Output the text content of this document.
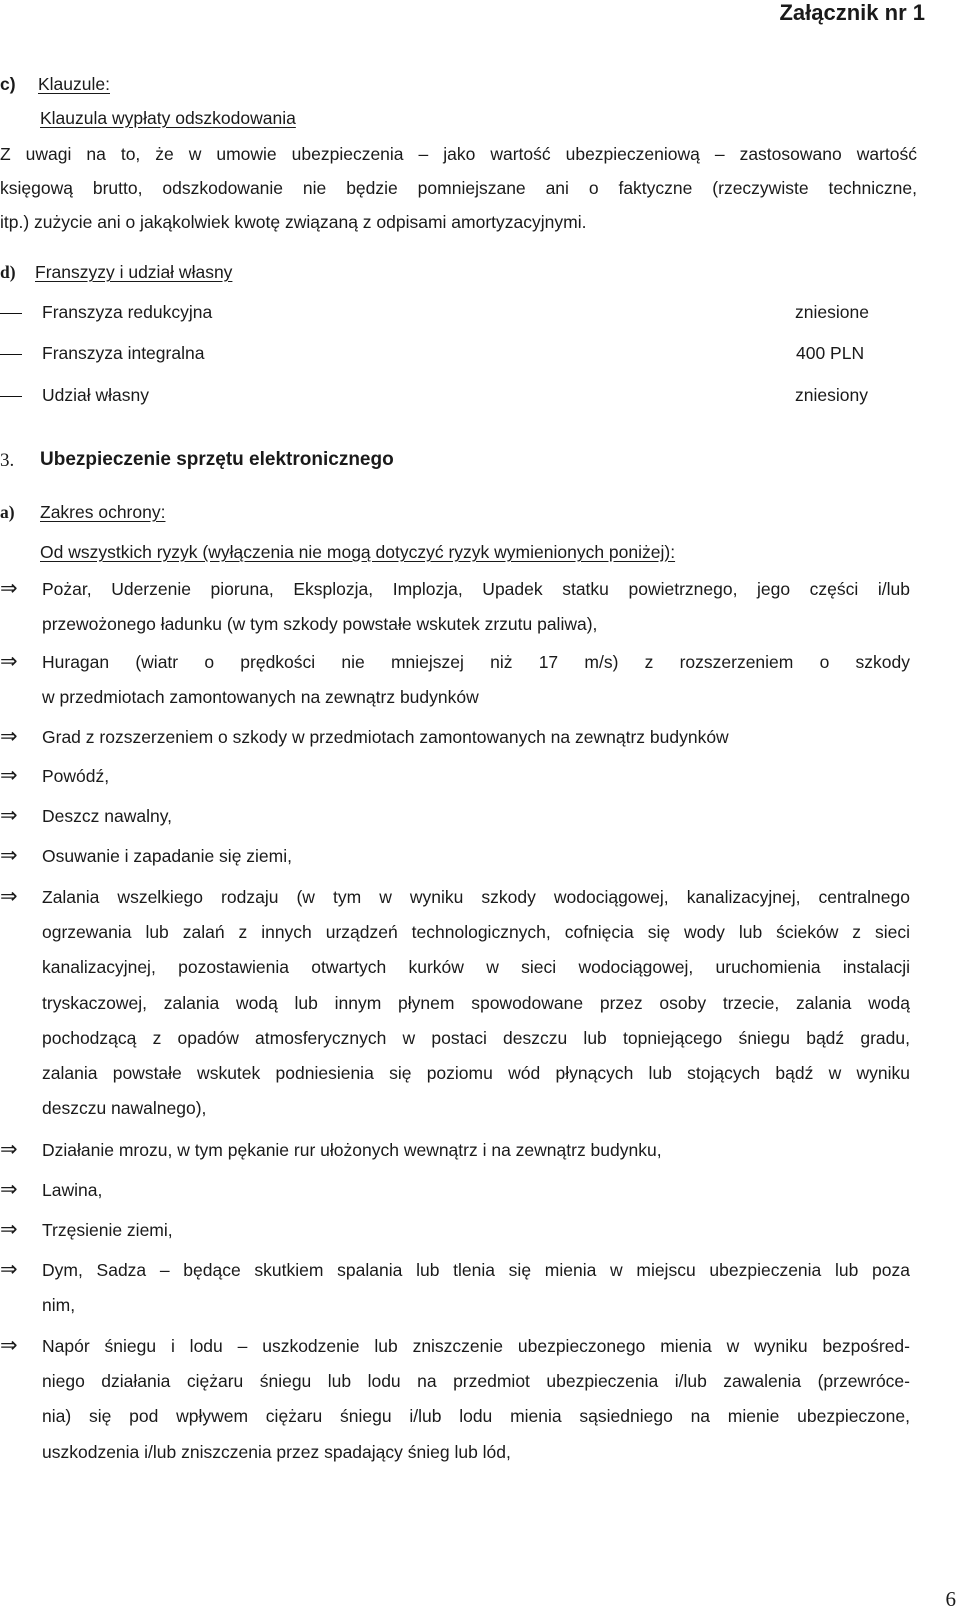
Załącznik nr 1
c) Klauzule:
Klauzula wypłaty odszkodowania
Z uwagi na to, że w umowie ubezpieczenia – jako wartość ubezpieczeniową – zastosowano wartość
księgową brutto, odszkodowanie nie będzie pomniejszane ani o faktyczne (rzeczywiste techniczne,
itp.) zużycie ani o jakąkolwiek kwotę związaną z odpisami amortyzacyjnymi.
d) Franszyzy i udział własny
Franszyza redukcyjna	zniesione
Franszyza integralna	400 PLN
Udział własny	zniesiony
3. Ubezpieczenie sprzętu elektronicznego
a) Zakres ochrony:
Od wszystkich ryzyk (wyłączenia nie mogą dotyczyć ryzyk wymienionych poniżej):
⇒ Pożar, Uderzenie pioruna, Eksplozja, Implozja, Upadek statku powietrznego, jego części i/lub
przewożonego ładunku (w tym szkody powstałe wskutek zrzutu paliwa),
⇒ Huragan (wiatr o prędkości nie mniejszej niż 17 m/s) z rozszerzeniem o szkody
w przedmiotach zamontowanych na zewnątrz budynków
⇒ Grad z rozszerzeniem o szkody w przedmiotach zamontowanych na zewnątrz budynków
⇒ Powódź,
⇒ Deszcz nawalny,
⇒ Osuwanie i zapadanie się ziemi,
⇒ Zalania wszelkiego rodzaju (w tym w wyniku szkody wodociągowej, kanalizacyjnej, centralnego
ogrzewania lub zalań z innych urządzeń technologicznych, cofnięcia się wody lub ścieków z sieci
kanalizacyjnej, pozostawienia otwartych kurków w sieci wodociągowej, uruchomienia instalacji
tryskaczowej, zalania wodą lub innym płynem spowodowane przez osoby trzecie, zalania wodą
pochodzącą z opadów atmosferycznych w postaci deszczu lub topniejącego śniegu bądź gradu,
zalania powstałe wskutek podniesienia się poziomu wód płynących lub stojących bądź w wyniku
deszczu nawalnego),
⇒ Działanie mrozu, w tym pękanie rur ułożonych wewnątrz i na zewnątrz budynku,
⇒ Lawina,
⇒ Trzęsienie ziemi,
⇒ Dym, Sadza – będące skutkiem spalania lub tlenia się mienia w miejscu ubezpieczenia lub poza
nim,
⇒ Napór śniegu i lodu – uszkodzenie lub zniszczenie ubezpieczonego mienia w wyniku bezpośred-
niego działania ciężaru śniegu lub lodu na przedmiot ubezpieczenia i/lub zawalenia (przewróce-
nia) się pod wpływem ciężaru śniegu i/lub lodu mienia sąsiedniego na mienie ubezpieczone,
uszkodzenia i/lub zniszczenia przez spadający śnieg lub lód,
6
